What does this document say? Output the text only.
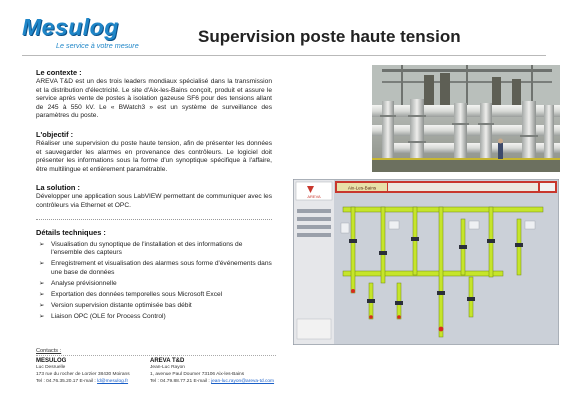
Mesulog
Le service à votre mesure	Supervision poste haute tension
Le contexte :
AREVA T&D est un des trois leaders mondiaux spécialisé dans la transmission et la distribution d'électricité. Le site d'Aix-les-Bains conçoit, produit et assure le service après vente de postes à isolation gazeuse SF6 pour des tensions allant de 245 à 550 kV. Le « BWatch3 » est un système de surveillance des paramètres du poste.
L'objectif :
Réaliser une supervision du poste haute tension, afin de présenter les données et sauvegarder les alarmes en provenance des contrôleurs. Le logiciel doit présenter les informations sous la forme d'un synoptique spécifique à l'affaire, être multilingue et entièrement paramétrable.
La solution :
Développer une application sous LabVIEW permettant de communiquer avec les contrôleurs via Ethernet et OPC.
Détails techniques :
➢ Visualisation du synoptique de l'installation et des informations de l'ensemble des capteurs
➢ Enregistrement et visualisation des alarmes sous forme d'événements dans une base de données
➢ Analyse prévisionnelle
➢ Exportation des données temporelles sous Microsoft Excel
➢ Version supervision distante optimisée bas débit
➢ Liaison OPC (OLE for Process Control)
Contacts :
MESULOG
Luc Desruelle
173 rue du rocher de Lorzier 38430 Moirans
Tel : 04.76.35.20.17 E-mail : ld@mesulog.fr
AREVA T&D
Jean-Luc Rayon
1, avenue Paul Doumer 73106 Aix-les-Bains
Tel : 04.79.88.77.21 E-mail : jean-luc.rayon@areva-td.com
AREVA
Aix-Les-Bains
